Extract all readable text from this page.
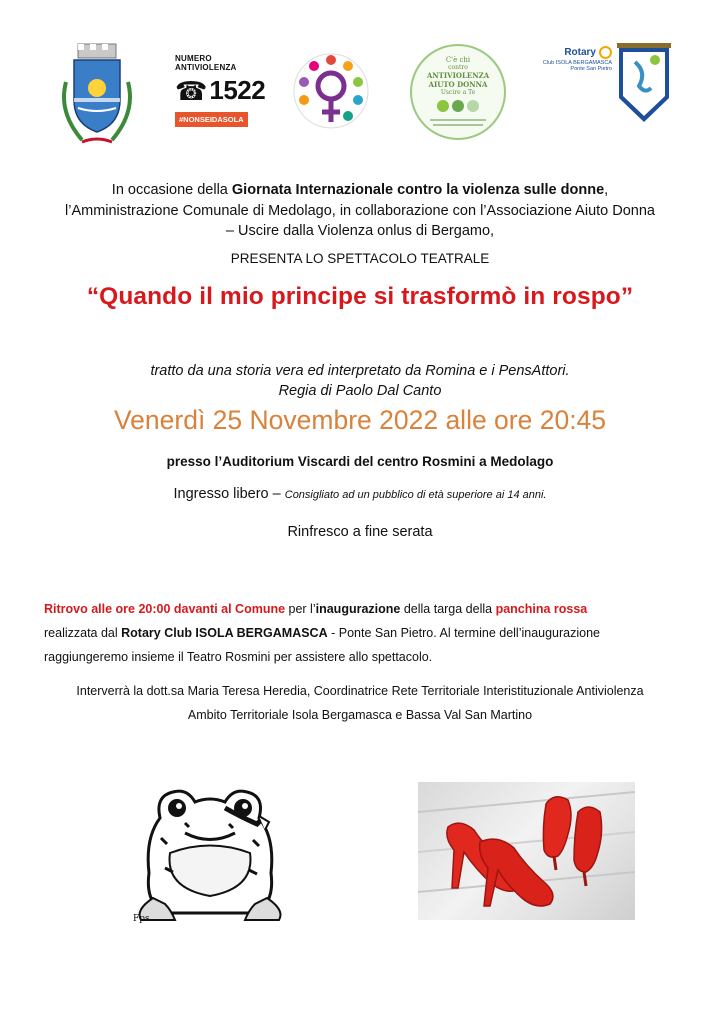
NUMERO ANTIVIOLENZA
☎ 1522
#NONSEIDASOLA
C'è chi
contro
ANTIVIOLENZA
AIUTO DONNA
Uscire a Te
Rotary
Club ISOLA BERGAMASCA
Ponte San Pietro
In occasione della Giornata Internazionale contro la violenza sulle donne,
l’Amministrazione Comunale di Medolago, in collaborazione con l’Associazione Aiuto Donna
– Uscire dalla Violenza onlus di Bergamo,
PRESENTA LO SPETTACOLO TEATRALE
“Quando il mio principe si trasformò in rospo”
tratto da una storia vera ed interpretato da Romina e i PensAttori.
Regia di Paolo Dal Canto
Venerdì 25 Novembre 2022 alle ore 20:45
presso l’Auditorium Viscardi del centro Rosmini a Medolago
Ingresso libero – Consigliato ad un pubblico di età superiore ai 14 anni.
Rinfresco a fine serata
Ritrovo alle ore 20:00 davanti al Comune per l’inaugurazione della targa della panchina rossa
realizzata dal Rotary Club ISOLA BERGAMASCA - Ponte San Pietro. Al termine dell’inaugurazione
raggiungeremo insieme il Teatro Rosmini per assistere allo spettacolo.
Interverrà la dott.sa Maria Teresa Heredia, Coordinatrice Rete Territoriale Interistituzionale Antiviolenza
Ambito Territoriale Isola Bergamasca e Bassa Val San Martino
Fps
